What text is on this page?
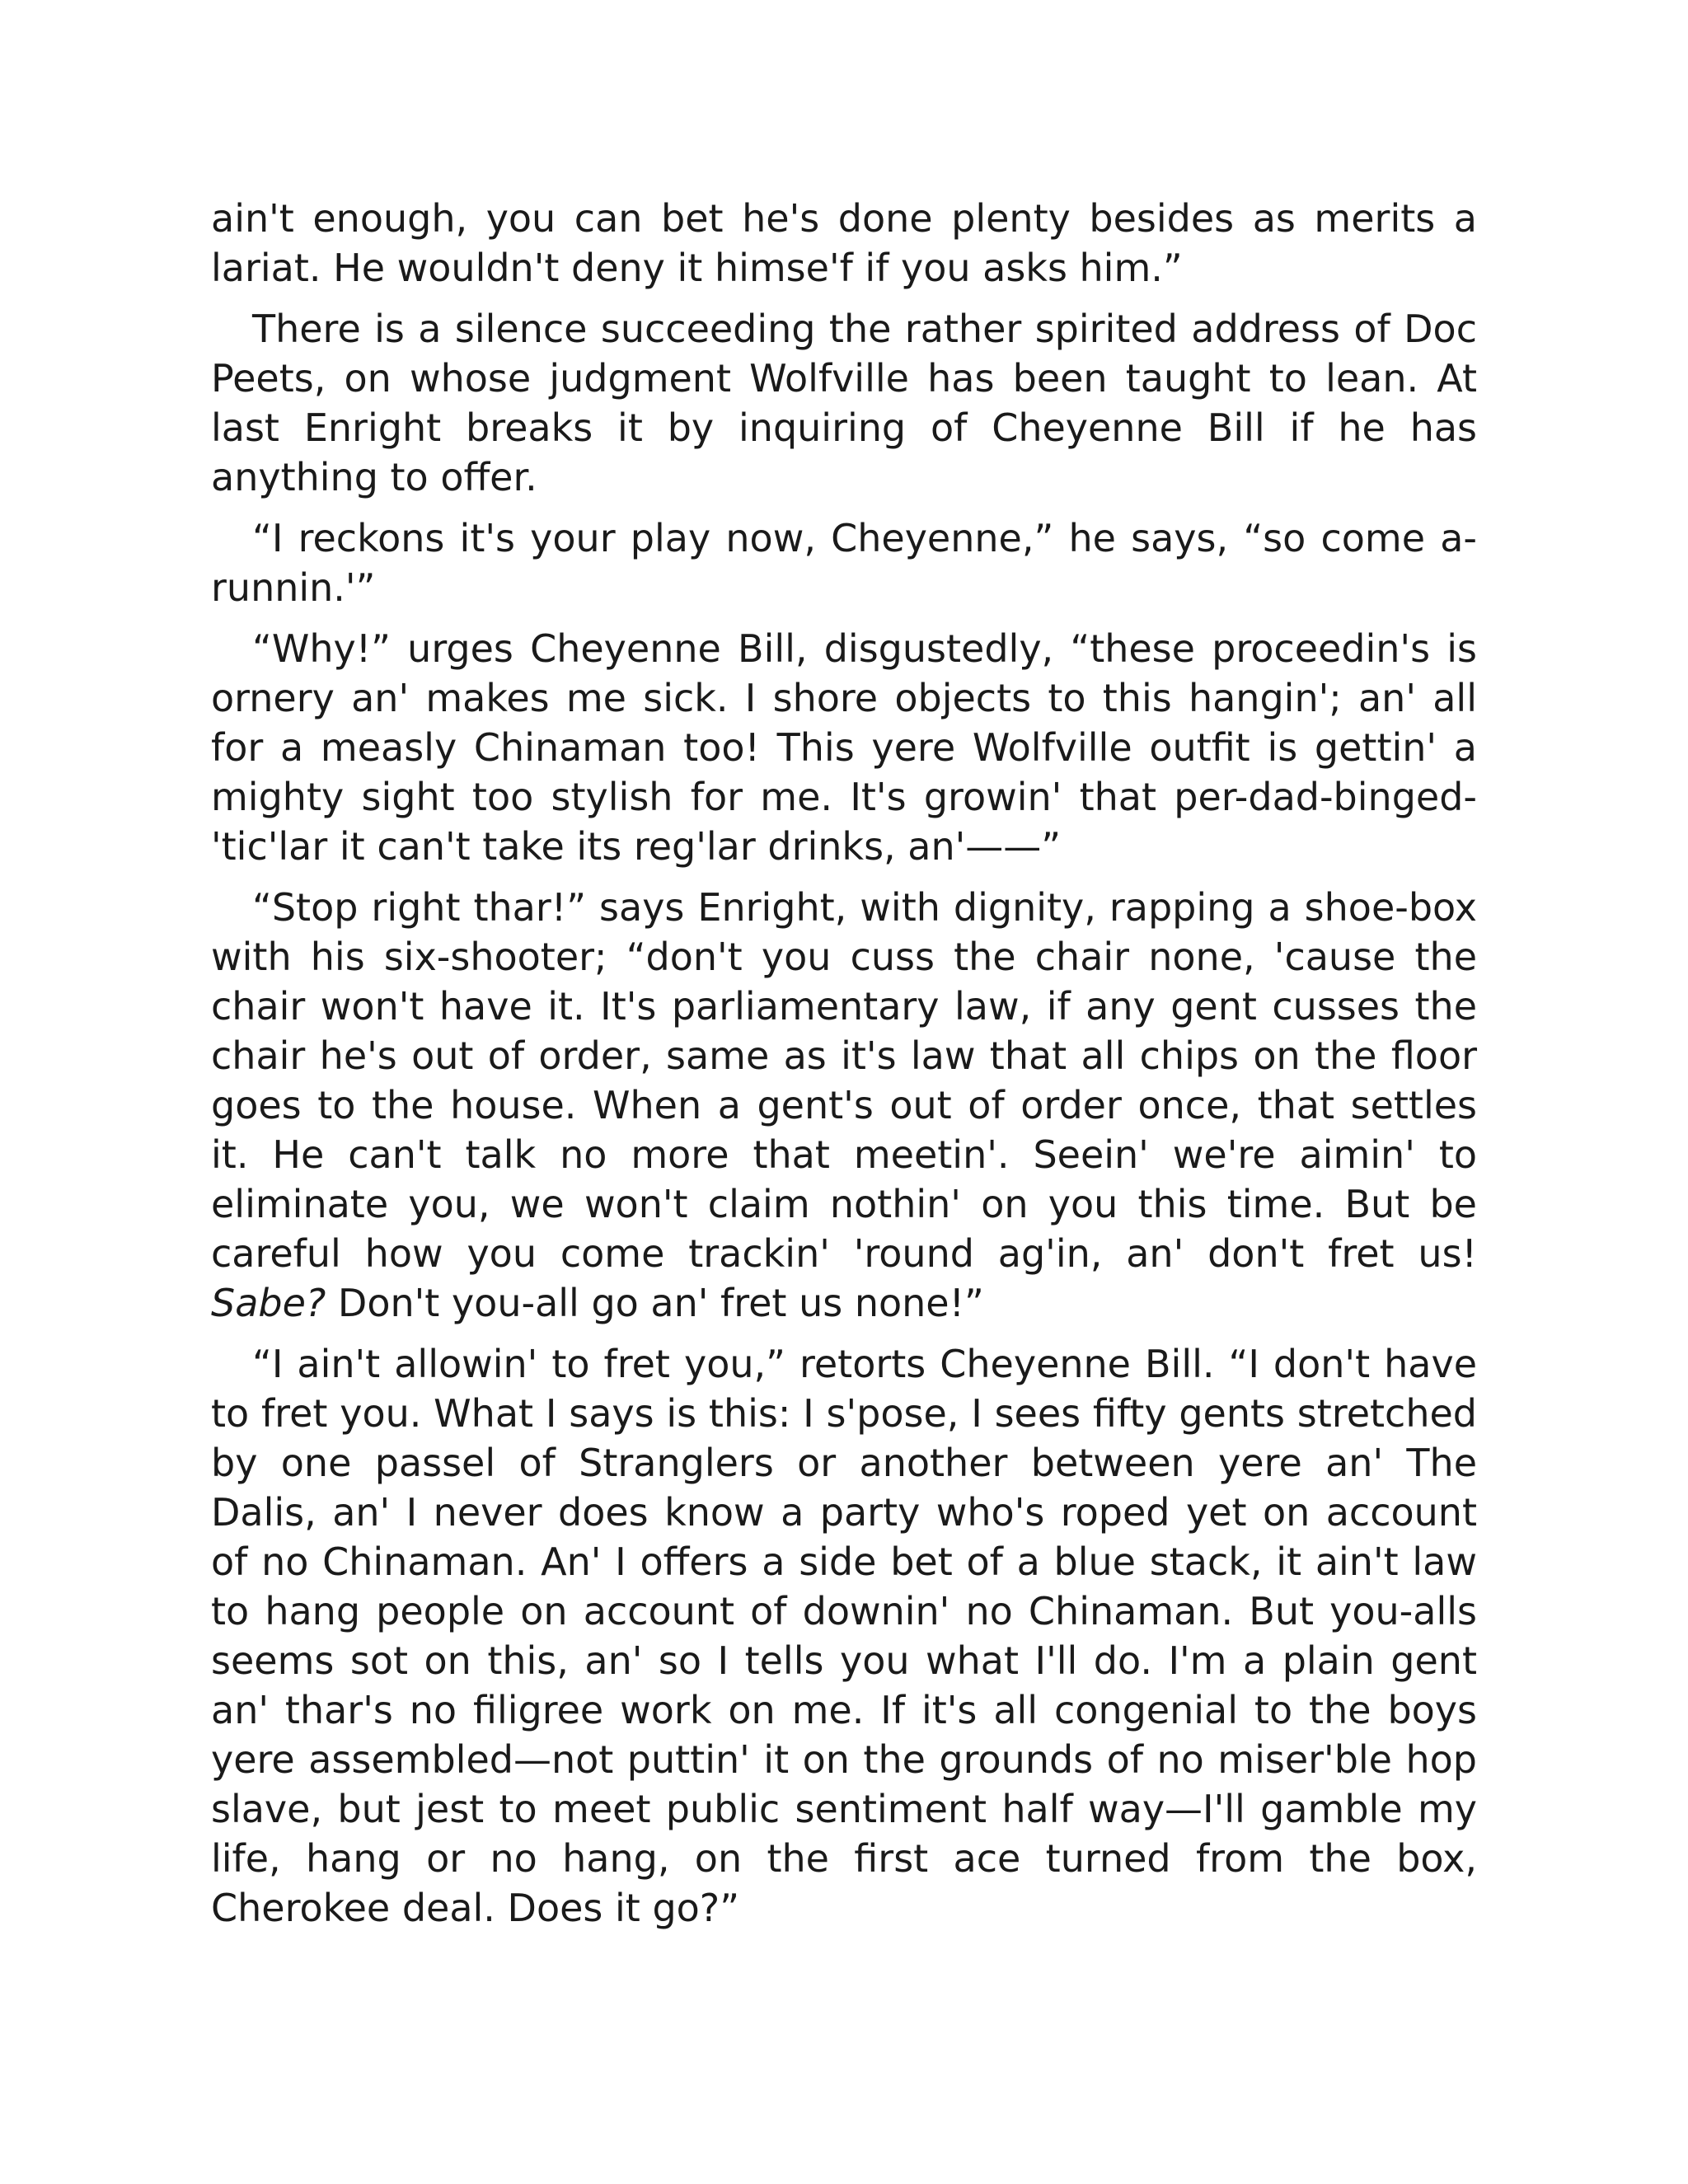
ain't enough, you can bet he's done plenty besides as merits a lariat. He wouldn't deny it himse'f if you asks him.”

There is a silence succeeding the rather spirited address of Doc Peets, on whose judgment Wolfville has been taught to lean. At last Enright breaks it by inquiring of Cheyenne Bill if he has anything to offer.

“I reckons it's your play now, Cheyenne,” he says, “so come a-runnin.'”

“Why!” urges Cheyenne Bill, disgustedly, “these proceedin's is ornery an' makes me sick. I shore objects to this hangin'; an' all for a measly Chinaman too! This yere Wolfville outfit is gettin' a mighty sight too stylish for me. It's growin' that per-dad-binged-'tic'lar it can't take its reg'lar drinks, an'——”

“Stop right thar!” says Enright, with dignity, rapping a shoe-box with his six-shooter; “don't you cuss the chair none, 'cause the chair won't have it. It's parliamentary law, if any gent cusses the chair he's out of order, same as it's law that all chips on the floor goes to the house. When a gent's out of order once, that settles it. He can't talk no more that meetin'. Seein' we're aimin' to eliminate you, we won't claim nothin' on you this time. But be careful how you come trackin' 'round ag'in, an' don't fret us! Sabe? Don't you-all go an' fret us none!”

“I ain't allowin' to fret you,” retorts Cheyenne Bill. “I don't have to fret you. What I says is this: I s'pose, I sees fifty gents stretched by one passel of Stranglers or another between yere an' The Dalis, an' I never does know a party who's roped yet on account of no Chinaman. An' I offers a side bet of a blue stack, it ain't law to hang people on account of downin' no Chinaman. But you-alls seems sot on this, an' so I tells you what I'll do. I'm a plain gent an' thar's no filigree work on me. If it's all congenial to the boys yere assembled—not puttin' it on the grounds of no miser'ble hop slave, but jest to meet public sentiment half way—I'll gamble my life, hang or no hang, on the first ace turned from the box, Cherokee deal. Does it go?”
